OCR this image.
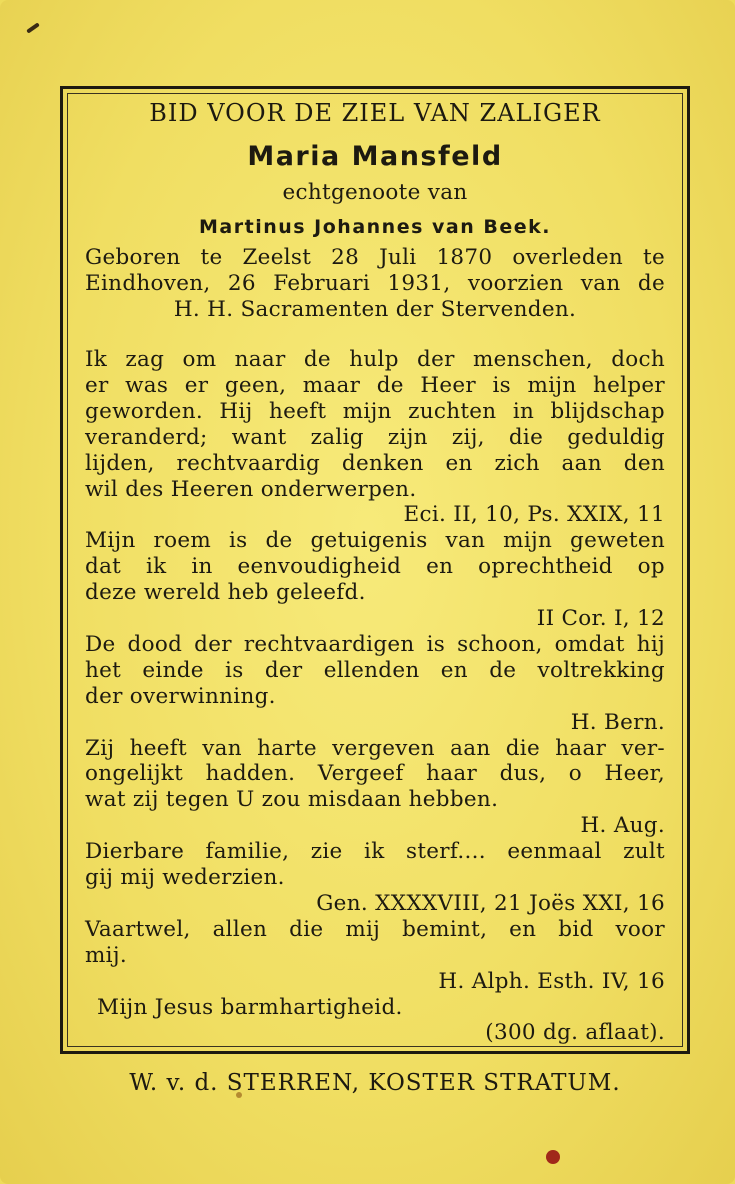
BID VOOR DE ZIEL VAN ZALIGER
Maria Mansfeld
echtgenoote van
Martinus Johannes van Beek.
Geboren te Zeelst 28 Juli 1870 overleden te
Eindhoven, 26 Februari 1931, voorzien van de
H. H. Sacramenten der Stervenden.
Ik zag om naar de hulp der menschen, doch
er was er geen, maar de Heer is mijn helper
geworden. Hij heeft mijn zuchten in blijdschap
veranderd; want zalig zijn zij, die geduldig
lijden, rechtvaardig denken en zich aan den
wil des Heeren onderwerpen.
Eci. II, 10, Ps. XXIX, 11
Mijn roem is de getuigenis van mijn geweten
dat ik in eenvoudigheid en oprechtheid op
deze wereld heb geleefd.
II Cor. I, 12
De dood der rechtvaardigen is schoon, omdat hij
het einde is der ellenden en de voltrekking
der overwinning.
H. Bern.
Zij heeft van harte vergeven aan die haar ver-
ongelijkt hadden. Vergeef haar dus, o Heer,
wat zij tegen U zou misdaan hebben.
H. Aug.
Dierbare familie, zie ik sterf.... eenmaal zult
gij mij wederzien.
Gen. XXXXVIII, 21 Joës XXI, 16
Vaartwel, allen die mij bemint, en bid voor
mij.
H. Alph. Esth. IV, 16
Mijn Jesus barmhartigheid.
(300 dg. aflaat).
W. v. d. STERREN, KOSTER STRATUM.
